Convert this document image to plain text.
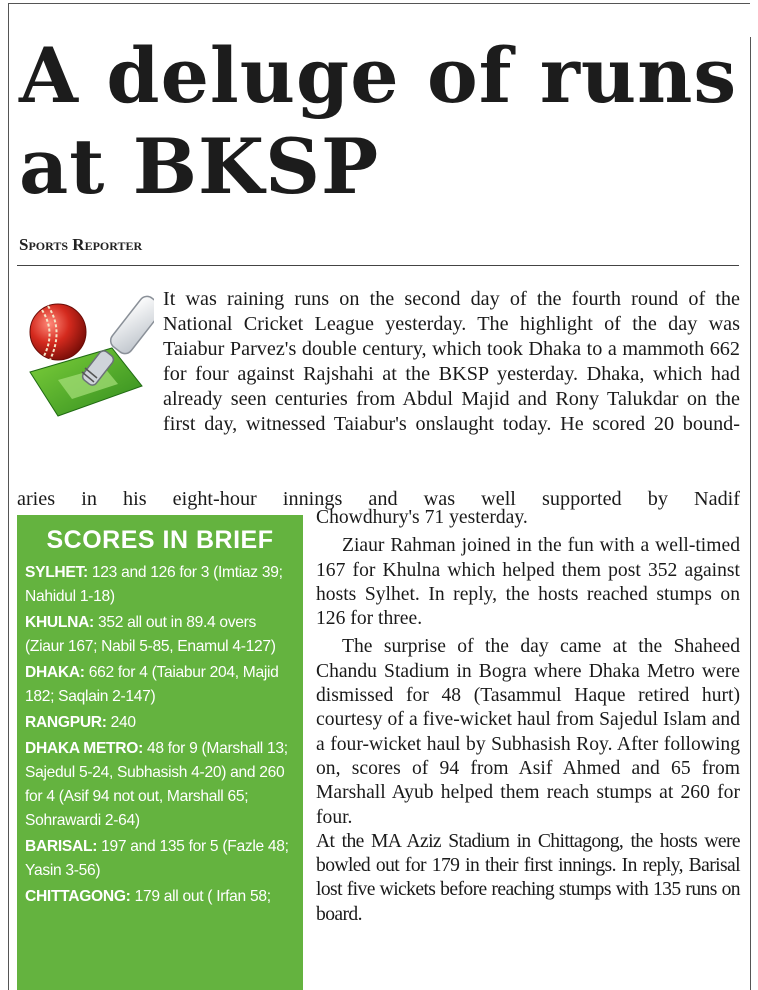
A deluge of runs at BKSP
Sports Reporter

It was raining runs on the second day of the fourth round of the National Cricket League yesterday. The highlight of the day was Taiabur Parvez's double century, which took Dhaka to a mammoth 662 for four against Rajshahi at the BKSP yesterday. Dhaka, which had already seen centuries from Abdul Majid and Rony Talukdar on the first day, witnessed Taiabur's onslaught today. He scored 20 bound-

aries in his eight-hour innings and was well supported by Nadif

Chowdhury's 71 yesterday.

Ziaur Rahman joined in the fun with a well-timed 167 for Khulna which helped them post 352 against hosts Sylhet. In reply, the hosts reached stumps on 126 for three.

The surprise of the day came at the Shaheed Chandu Stadium in Bogra where Dhaka Metro were dismissed for 48 (Tasammul Haque retired hurt) courtesy of a five-wicket haul from Sajedul Islam and a four-wicket haul by Subhasish Roy. After following on, scores of 94 from Asif Ahmed and 65 from Marshall Ayub helped them reach stumps at 260 for four.

At the MA Aziz Stadium in Chittagong, the hosts were bowled out for 179 in their first innings. In reply, Barisal lost five wickets before reaching stumps with 135 runs on board.

SCORES IN BRIEF

SYLHET: 123 and 126 for 3 (Imtiaz 39; Nahidul 1-18)

KHULNA: 352 all out in 89.4 overs (Ziaur 167; Nabil 5-85, Enamul 4-127)

DHAKA: 662 for 4 (Taiabur 204, Majid 182; Saqlain 2-147)

RANGPUR: 240

DHAKA METRO: 48 for 9 (Marshall 13; Sajedul 5-24, Subhasish 4-20) and 260 for 4 (Asif 94 not out, Marshall 65; Sohrawardi 2-64)

BARISAL: 197 and 135 for 5 (Fazle 48; Yasin 3-56)

CHITTAGONG: 179 all out ( Irfan 58;
